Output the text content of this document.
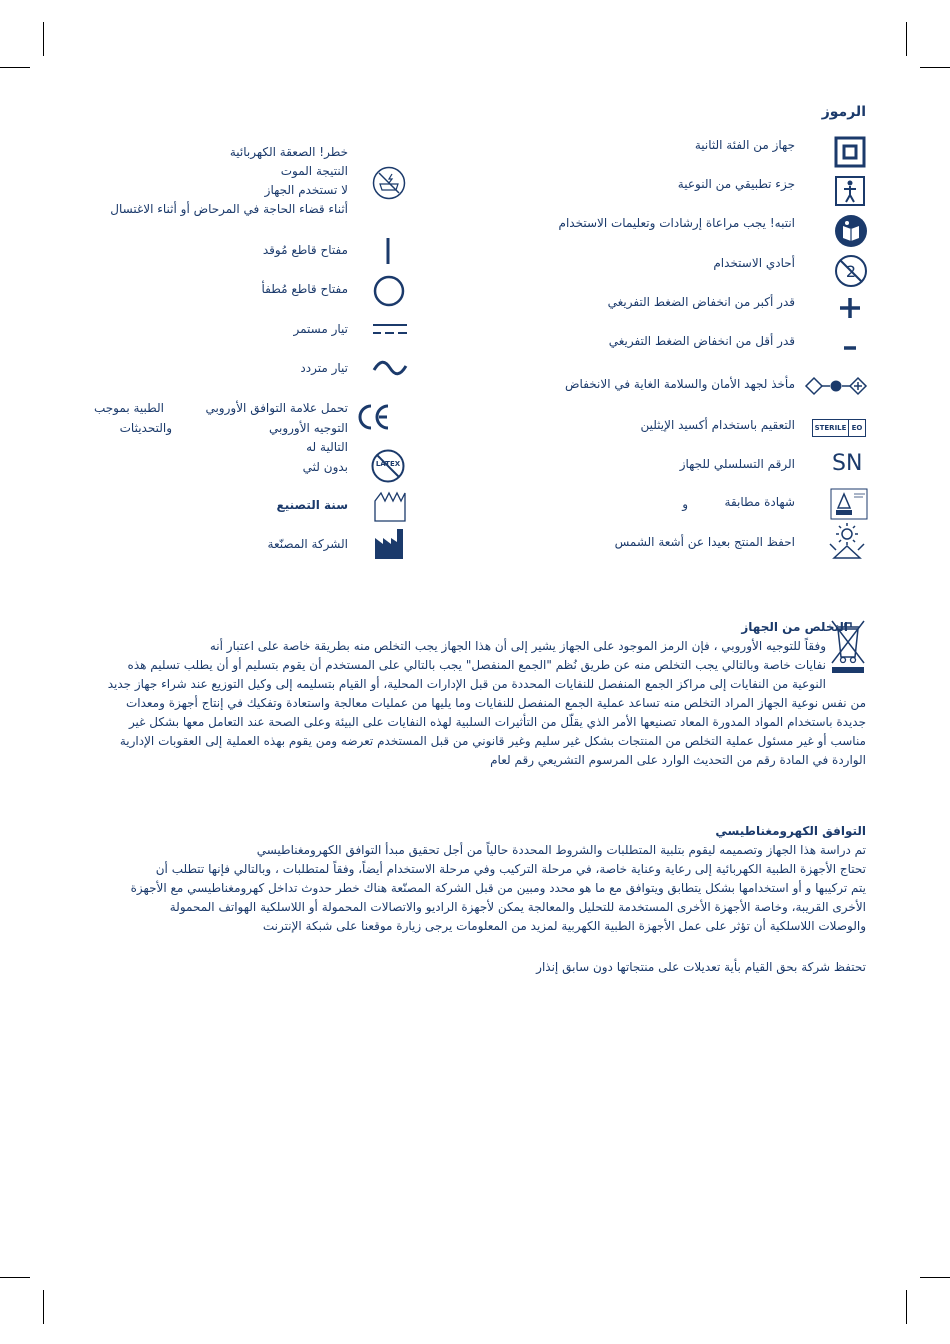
الرموز
2
STERILE EO
SN
جهاز من الفئة الثانية
جزء تطبيقي من النوعية
انتبه! يجب مراعاة إرشادات وتعليمات الاستخدام
أحادي الاستخدام
قدر أكبر من انخفاض الضغط التفريغي
قدر أقل من انخفاض الضغط التفريغي
مأخذ لجهد الأمان والسلامة الغاية في الانخفاض
التعقيم باستخدام أكسيد الإيثلين
الرقم التسلسلي للجهاز
شهادة مطابقة
و
احفظ المنتج بعيدا عن أشعة الشمس
LATEX
خطر! الصعقة الكهربائية
النتيجة الموت
لا تستخدم الجهاز
أثناء قضاء الحاجة في المرحاض أو أثناء الاغتسال
مفتاح قاطع مُوقد
مفتاح قاطع مُطفأ
تيار مستمر
تيار متردد
تحمل علامة التوافق الأوروبي
الطبية بموجب
التوجيه الأوروبي
والتحديثات
التالية له
بدون لثي
سنة التصنيع
الشركة المصنّعة
التخلص من الجهاز

وفقاً للتوجيه الأوروبي ، فإن الرمز الموجود على الجهاز يشير إلى أن هذا الجهاز يجب التخلص منه بطريقة خاصة على اعتبار أنه

نفايات خاصة وبالتالي يجب التخلص منه عن طريق نُظم "الجمع المنفصل" يجب بالتالي على المستخدم أن يقوم بتسليم أو أن يطلب تسليم هذه

النوعية من النفايات إلى مراكز الجمع المنفصل للنفايات المحددة من قبل الإدارات المحلية، أو القيام بتسليمه إلى وكيل التوزيع عند شراء جهاز جديد

من نفس نوعية الجهاز المراد التخلص منه تساعد عملية الجمع المنفصل للنفايات وما يليها من عمليات معالجة واستعادة وتفكيك في إنتاج أجهزة ومعدات

جديدة باستخدام المواد المدورة المعاد تصنيعها الأمر الذي يقلّل من التأثيرات السلبية لهذه النفايات على البيئة وعلى الصحة عند التعامل معها بشكل غير

مناسب أو غير مسئول عملية التخلص من المنتجات بشكل غير سليم وغير قانوني من قبل المستخدم تعرضه ومن يقوم بهذه العملية إلى العقوبات الإدارية

الواردة في المادة رقم من التحديث الوارد على المرسوم التشريعي رقم لعام

التوافق الكهرومغناطيسي

تم دراسة هذا الجهاز وتصميمه ليقوم بتلبية المتطلبات والشروط المحددة حالياً من أجل تحقيق مبدأ التوافق الكهرومغناطيسي

تحتاج الأجهزة الطبية الكهربائية إلى رعاية وعناية خاصة، في مرحلة التركيب وفي مرحلة الاستخدام أيضاً، وفقاً لمتطلبات ، وبالتالي فإنها تتطلب أن

يتم تركيبها و أو استخدامها بشكل يتطابق ويتوافق مع ما هو محدد ومبين من قبل الشركة المصنّعة هناك خطر حدوث تداخل كهرومغناطيسي مع الأجهزة

الأخرى القريبة، وخاصة الأجهزة الأخرى المستخدمة للتحليل والمعالجة يمكن لأجهزة الراديو والاتصالات المحمولة أو اللاسلكية الهواتف المحمولة

والوصلات اللاسلكية أن تؤثر على عمل الأجهزة الطبية الكهربية لمزيد من المعلومات يرجى زيارة موقعنا على شبكة الإنترنت

تحتفظ شركة بحق القيام بأية تعديلات على منتجاتها دون سابق إنذار
